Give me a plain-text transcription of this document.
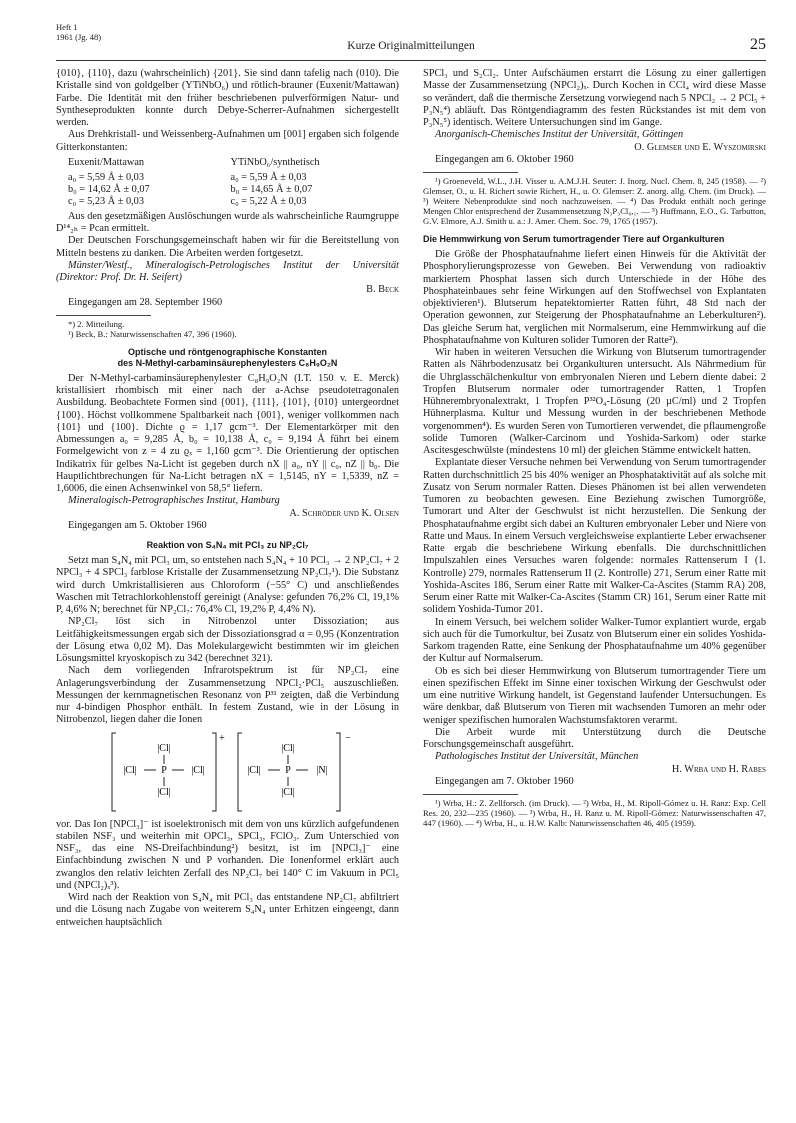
Heft 1
1961 (Jg. 48)
Kurze Originalmitteilungen	25

{010}, {110}, dazu (wahrscheinlich) {201}. Sie sind dann tafelig nach (010). Die Kristalle sind von goldgelber (YTiNbO₆) und rötlich-brauner (Euxenit/Mattawan) Farbe. Die Identität mit den früher beschriebenen pulverförmigen Natur- und Syntheseprodukten konnte durch Debye-Scherrer-Aufnahmen sichergestellt werden.

Aus Drehkristall- und Weissenberg-Aufnahmen um [001] ergaben sich folgende Gitterkonstanten:

Euxenit/Mattawan
a₀ = 5,59 Å ± 0,03
b₀ = 14,62 Å ± 0,07
c₀ = 5,23 Å ± 0,03
YTiNbO₆/synthetisch
a₀ = 5,59 Å ± 0,03
b₀ = 14,65 Å ± 0,07
c₀ = 5,22 Å ± 0,03

Aus den gesetzmäßigen Auslöschungen wurde als wahrscheinliche Raumgruppe D¹⁴₂ₕ = Pcan ermittelt.

Der Deutschen Forschungsgemeinschaft haben wir für die Bereitstellung von Mitteln bestens zu danken. Die Arbeiten werden fortgesetzt.

Münster/Westf., Mineralogisch-Petrologisches Institut der Universität (Direktor: Prof. Dr. H. Seifert)

B. Beck
Eingegangen am 28. September 1960
*) 2. Mitteilung.
¹) Beck, B.: Naturwissenschaften 47, 396 (1960).
Optische und röntgenographische Konstanten
des N-Methyl-carbaminsäurephenylesters C₈H₉O₂N

Der N-Methyl-carbaminsäurephenylester C₈H₉O₂N (I.T. 150 v. E. Merck) kristallisiert rhombisch mit einer nach der a-Achse pseudotetragonalen Ausbildung. Beobachtete Formen sind {001}, {111}, {101}, {010} untergeordnet {100}. Höchst vollkommene Spaltbarkeit nach {001}, weniger vollkommen nach {101} und {100}. Dichte ϱ = 1,17 gcm⁻³. Der Elementarkörper mit den Abmessungen a₀ = 9,285 Å, b₀ = 10,138 Å, c₀ = 9,194 Å führt bei einem Formelgewicht von z = 4 zu ϱₓ = 1,160 gcm⁻³. Die Orientierung der optischen Indikatrix für gelbes Na-Licht ist gegeben durch nX || a₀, nY || c₀, nZ || b₀. Die Hauptlichtbrechungen für Na-Licht betragen nX = 1,5145, nY = 1,5339, nZ = 1,6006, die einen Achsenwinkel von 58,5° liefern.

Mineralogisch-Petrographisches Institut, Hamburg

A. Schröder und K. Olsen
Eingegangen am 5. Oktober 1960
Reaktion von S₄N₄ mit PCl₃ zu NP₂Cl₇

Setzt man S₄N₄ mit PCl₃ um, so entstehen nach S₄N₄ + 10 PCl₃ → 2 NP₂Cl₇ + 2 NPCl₃ + 4 SPCl₃ farblose Kristalle der Zusammensetzung NP₂Cl₇¹). Die Substanz wird durch Umkristallisieren aus Chloroform (−55° C) und anschließendes Waschen mit Tetrachlorkohlenstoff gereinigt (Analyse: gefunden 76,2% Cl, 19,1% P, 4,6% N; berechnet für NP₂Cl₇: 76,4% Cl, 19,2% P, 4,4% N).

NP₂Cl₇ löst sich in Nitrobenzol unter Dissoziation; aus Leitfähigkeitsmessungen ergab sich der Dissoziationsgrad α = 0,95 (Konzentration der Lösung etwa 0,02 M). Das Molekulargewicht bestimmten wir im gleichen Lösungsmittel kryoskopisch zu 342 (berechnet 321).

Nach dem vorliegenden Infrarotspektrum ist für NP₂Cl₇ eine Anlagerungsverbindung der Zusammensetzung NPCl₂·PCl₅ auszuschließen. Messungen der kernmagnetischen Resonanz von P³¹ zeigten, daß die Verbindung nur 4-bindigen Phosphor enthält. In festem Zustand, wie in der Lösung in Nitrobenzol, liegen daher die Ionen

|Cl|
|Cl| P |Cl|
|Cl|
+
|Cl|
|Cl| P	|N|
|Cl|
−

vor. Das Ion [NPCl₃]⁻ ist isoelektronisch mit dem von uns kürzlich aufgefundenen stabilen NSF₃ und weiterhin mit OPCl₃, SPCl₃, FClO₃. Zum Unterschied von NSF₃, das eine NS-Dreifachbindung²) besitzt, ist im [NPCl₃]⁻ eine Einfachbindung zwischen N und P vorhanden. Die Ionenformel erklärt auch zwanglos den relativ leichten Zerfall des NP₂Cl₇ bei 140° C im Vakuum in PCl₅ und (NPCl₂)ₓ³).

Wird nach der Reaktion von S₄N₄ mit PCl₃ das entstandene NP₂Cl₇ abfiltriert und die Lösung nach Zugabe von weiterem S₄N₄ unter Erhitzen eingeengt, dann entweichen hauptsächlich

SPCl₃ und S₂Cl₂. Unter Aufschäumen erstarrt die Lösung zu einer gallertigen Masse der Zusammensetzung (NPCl₂)ₓ. Durch Kochen in CCl₄ wird diese Masse so verändert, daß die thermische Zersetzung vorwiegend nach 5 NPCl₂ → 2 PCl₅ + P₃N₅⁴) abläuft. Das Röntgendiagramm des festen Rückstandes ist mit dem von P₃N₅⁵) identisch. Weitere Untersuchungen sind im Gange.

Anorganisch-Chemisches Institut der Universität, Göttingen

O. Glemser und E. Wyszomirski
Eingegangen am 6. Oktober 1960
¹) Groeneveld, W.L., J.H. Visser u. A.M.J.H. Seuter: J. Inorg. Nucl. Chem. 8, 245 (1958). — ²) Glemser, O., u. H. Richert sowie Richert, H., u. O. Glemser: Z. anorg. allg. Chem. (im Druck). — ³) Weitere Nebenprodukte sind noch nachzuweisen. — ⁴) Das Produkt enthält noch geringe Mengen Chlor entsprechend der Zusammensetzung N₃P₃Cl₀,₁. — ⁵) Huffmann, E.O., G. Tarbutton, G.V. Elmore, A.J. Smith u. a.: J. Amer. Chem. Soc. 79, 1765 (1957).
Die Hemmwirkung von Serum tumortragender Tiere auf Organkulturen

Die Größe der Phosphataufnahme liefert einen Hinweis für die Aktivität der Phosphorylierungsprozesse von Geweben. Bei Verwendung von radioaktiv markiertem Phosphat lassen sich durch Unterschiede in der Höhe des Phosphateinbaues sehr feine Wirkungen auf den Stoffwechsel von Explantaten objektivieren¹). Blutserum hepatektomierter Ratten führt, 48 Std nach der Operation gewonnen, zur Steigerung der Phosphataufnahme an Leberkulturen²). Das gleiche Serum hat, verglichen mit Normalserum, eine Hemmwirkung auf die Phosphataufnahme von Kulturen solider Tumoren der Ratte²).

Wir haben in weiteren Versuchen die Wirkung von Blutserum tumortragender Ratten als Nährbodenzusatz bei Organkulturen untersucht. Als Nährmedium für die Uhrglasschälchenkultur von embryonalen Nieren und Lebern diente dabei: 2 Tropfen Blutserum normaler oder tumortragender Ratten, 1 Tropfen Hühnerembryonalextrakt, 1 Tropfen P³²O₄-Lösung (20 µC/ml) und 2 Tropfen Hühnerplasma. Kultur und Messung wurden in der beschriebenen Methode vorgenommen⁴). Es wurden Seren von Tumortieren verwendet, die pflaumengroße solide Tumoren (Walker-Carcinom und Yoshida-Sarkom) oder starke Ascitesgeschwülste (mindestens 10 ml) der gleichen Stämme entwickelt hatten.

Explantate dieser Versuche nehmen bei Verwendung von Serum tumortragender Ratten durchschnittlich 25 bis 40% weniger an Phosphataktivität auf als solche mit Zusatz von Serum normaler Ratten. Dieses Phänomen ist bei allen verwendeten Tumoren zu beobachten gewesen. Eine Beziehung zwischen Tumorgröße, Tumorart und Alter der Geschwulst ist nicht herzustellen. Die Senkung der Phosphataufnahme ergibt sich dabei an Kulturen embryonaler Leber und Niere von Ratte und Maus. In einem Versuch vergleichsweise explantierte Leber erwachsener Ratte ergab die beschriebene Wirkung ebenfalls. Die durchschnittlichen Impulszahlen eines Versuches waren folgende: normales Rattenserum I (1. Kontrolle) 279, normales Rattenserum II (2. Kontrolle) 271, Serum einer Ratte mit Yoshida-Ascites 186, Serum einer Ratte mit Walker-Ca-Ascites (Stamm RA) 208, Serum einer Ratte mit Walker-Ca-Ascites (Stamm CR) 161, Serum einer Ratte mit solidem Yoshida-Tumor 201.

In einem Versuch, bei welchem solider Walker-Tumor explantiert wurde, ergab sich auch für die Tumorkultur, bei Zusatz von Blutserum einer ein solides Yoshida-Sarkom tragenden Ratte, eine Senkung der Phosphataufnahme um 40% gegenüber der Kultur auf Normalserum.

Ob es sich bei dieser Hemmwirkung von Blutserum tumortragender Tiere um einen spezifischen Effekt im Sinne einer toxischen Wirkung der Geschwulst oder um eine nutritive Wirkung handelt, ist Gegenstand laufender Untersuchungen. Es wäre denkbar, daß Blutserum von Tieren mit wachsenden Tumoren an mehr oder weniger spezifischen humoralen Wachstumsfaktoren verarmt.

Die Arbeit wurde mit Unterstützung durch die Deutsche Forschungsgemeinschaft ausgeführt.

Pathologisches Institut der Universität, München

H. Wrba und H. Rabes
Eingegangen am 7. Oktober 1960
¹) Wrba, H.: Z. Zellforsch. (im Druck). — ²) Wrba, H., M. Ripoll-Gómez u. H. Ranz: Exp. Cell Res. 20, 232—235 (1960). — ³) Wrba, H., H. Ranz u. M. Ripoll-Gómez: Naturwissenschaften 47, 447 (1960). — ⁴) Wrba, H., u. H.W. Kalb: Naturwissenschaften 46, 405 (1959).
